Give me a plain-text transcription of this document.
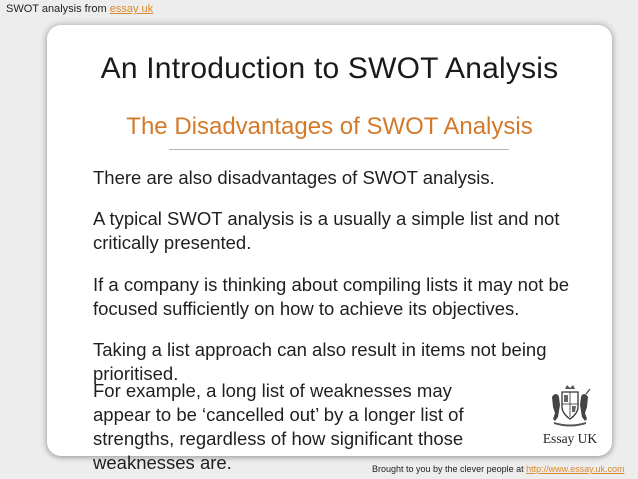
SWOT analysis from essay uk
An Introduction to SWOT Analysis
The Disadvantages of SWOT Analysis

There are also disadvantages of SWOT analysis.

A typical SWOT analysis is a usually a simple list and not critically presented.

If a company is thinking about compiling lists it may not be focused sufficiently on how to achieve its objectives.

Taking a list approach can also result in items not being prioritised.

For example, a long list of weaknesses may appear to be ‘cancelled out’ by a longer list of strengths, regardless of how significant those weaknesses are.

Essay UK
Brought to you by the clever people at http://www.essay.uk.com
